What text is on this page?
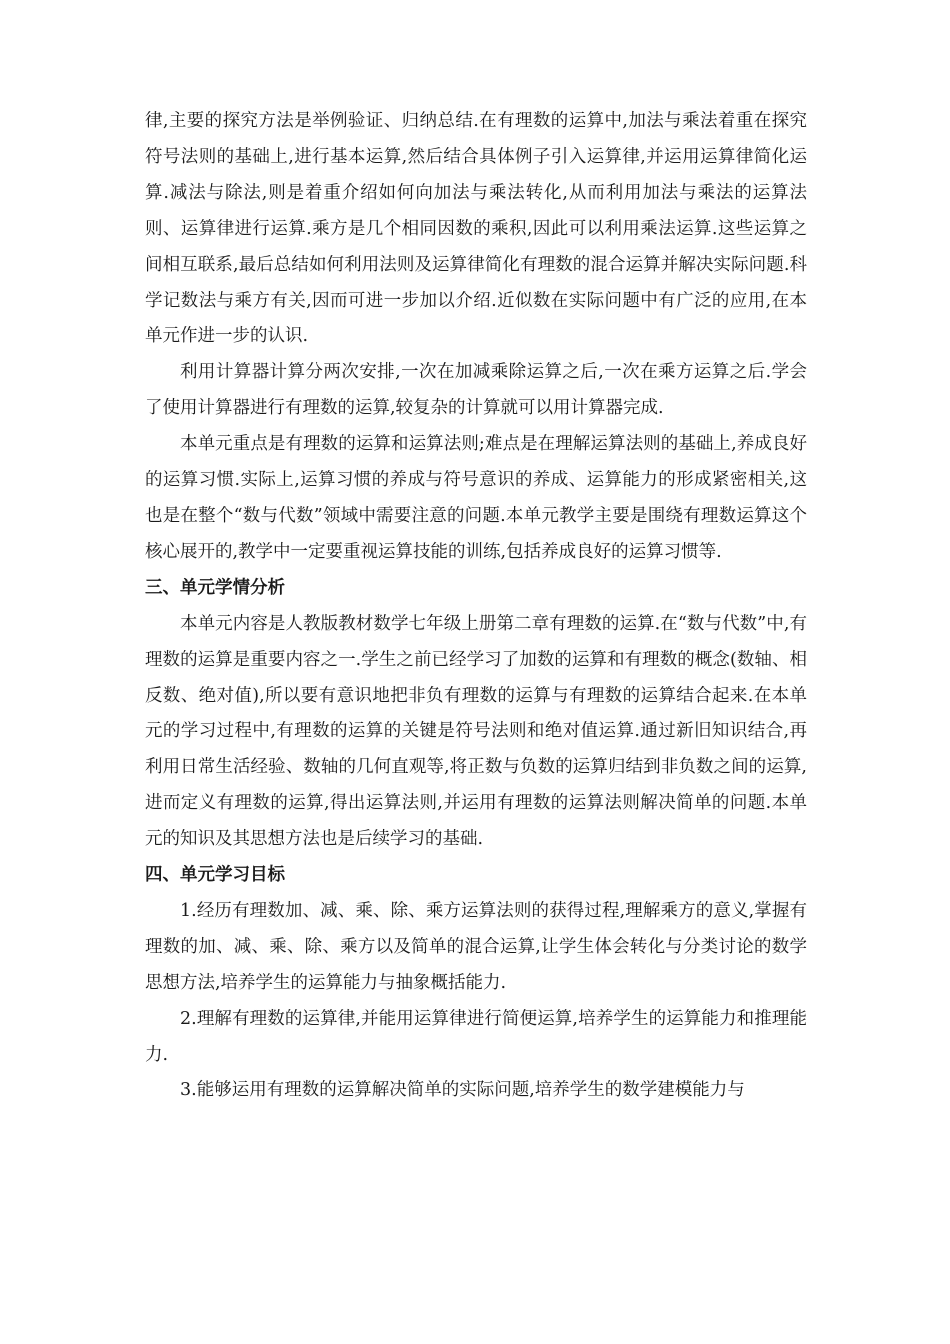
律,主要的探究方法是举例验证、归纳总结.在有理数的运算中,加法与乘法着重在探究符号法则的基础上,进行基本运算,然后结合具体例子引入运算律,并运用运算律简化运算.减法与除法,则是着重介绍如何向加法与乘法转化,从而利用加法与乘法的运算法则、运算律进行运算.乘方是几个相同因数的乘积,因此可以利用乘法运算.这些运算之间相互联系,最后总结如何利用法则及运算律简化有理数的混合运算并解决实际问题.科学记数法与乘方有关,因而可进一步加以介绍.近似数在实际问题中有广泛的应用,在本单元作进一步的认识.

利用计算器计算分两次安排,一次在加减乘除运算之后,一次在乘方运算之后.学会了使用计算器进行有理数的运算,较复杂的计算就可以用计算器完成.

本单元重点是有理数的运算和运算法则;难点是在理解运算法则的基础上,养成良好的运算习惯.实际上,运算习惯的养成与符号意识的养成、运算能力的形成紧密相关,这也是在整个“数与代数”领域中需要注意的问题.本单元教学主要是围绕有理数运算这个核心展开的,教学中一定要重视运算技能的训练,包括养成良好的运算习惯等.

三、单元学情分析

本单元内容是人教版教材数学七年级上册第二章有理数的运算.在“数与代数”中,有理数的运算是重要内容之一.学生之前已经学习了加数的运算和有理数的概念(数轴、相反数、绝对值),所以要有意识地把非负有理数的运算与有理数的运算结合起来.在本单元的学习过程中,有理数的运算的关键是符号法则和绝对值运算.通过新旧知识结合,再利用日常生活经验、数轴的几何直观等,将正数与负数的运算归结到非负数之间的运算,进而定义有理数的运算,得出运算法则,并运用有理数的运算法则解决简单的问题.本单元的知识及其思想方法也是后续学习的基础.

四、单元学习目标

1.经历有理数加、减、乘、除、乘方运算法则的获得过程,理解乘方的意义,掌握有理数的加、减、乘、除、乘方以及简单的混合运算,让学生体会转化与分类讨论的数学思想方法,培养学生的运算能力与抽象概括能力.

2.理解有理数的运算律,并能用运算律进行简便运算,培养学生的运算能力和推理能力.

3.能够运用有理数的运算解决简单的实际问题,培养学生的数学建模能力与
